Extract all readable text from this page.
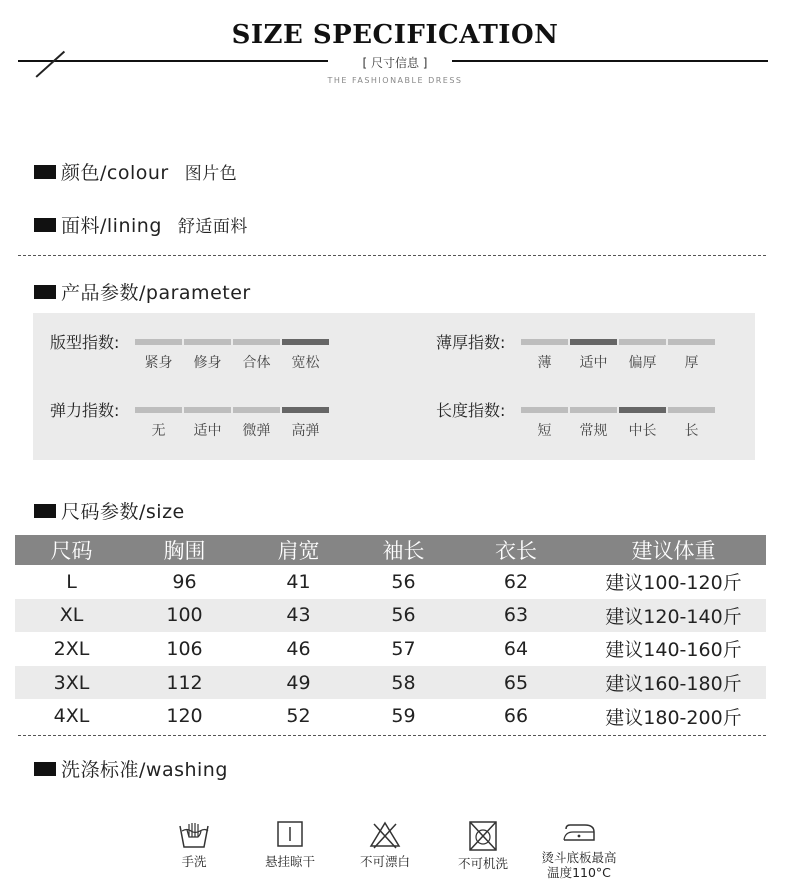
SIZE SPECIFICATION
[ 尺寸信息 ]
THE FASHIONABLE DRESS
颜色/colour 图片色
面料/lining 舒适面料
产品参数/parameter
版型指数:
紧身	修身	合体	宽松
薄厚指数:
薄	适中	偏厚	厚
弹力指数:
无	适中	微弹	高弹
长度指数:
短	常规	中长	长
尺码参数/size
尺码	胸围	肩宽	袖长	衣长	建议体重
L	96	41	56	62	建议100-120斤
XL	100	43	56	63	建议120-140斤
2XL	106	46	57	64	建议140-160斤
3XL	112	49	58	65	建议160-180斤
4XL	120	52	59	66	建议180-200斤
洗涤标准/washing
手洗	悬挂晾干	不可漂白	不可机洗	烫斗底板最高
温度110°C
